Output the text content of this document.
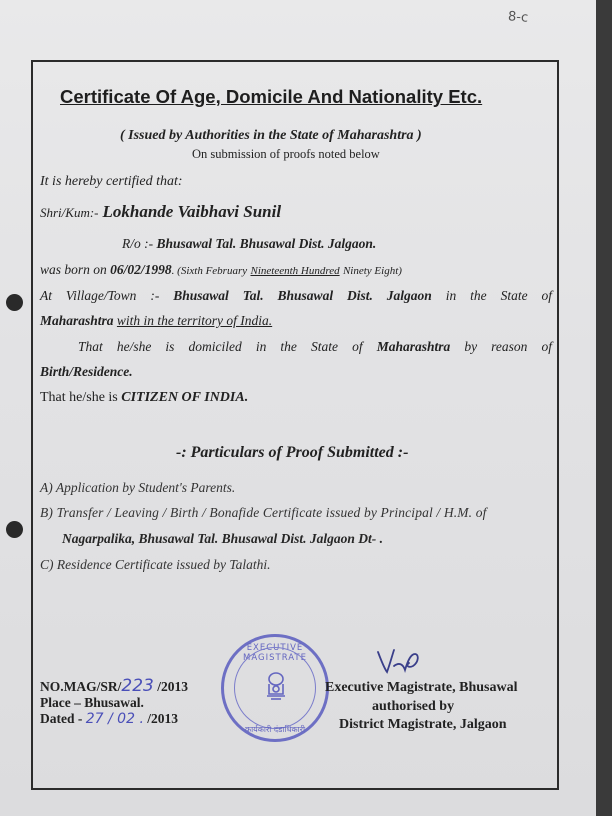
8-c
Certificate Of Age, Domicile And Nationality Etc.
( Issued by Authorities in the State of Maharashtra )
On submission of proofs noted below
It is hereby certified that:
Shri/Kum:- Lokhande Vaibhavi Sunil
R/o :- Bhusawal Tal. Bhusawal Dist. Jalgaon.
was born on 06/02/1998. (Sixth February Nineteenth Hundred Ninety Eight)
At Village/Town :- Bhusawal Tal. Bhusawal Dist. Jalgaon in the State of
Maharashtra with in the territory of India.
That he/she is domiciled in the State of Maharashtra by reason of
Birth/Residence.
That he/she is CITIZEN OF INDIA.
-: Particulars of Proof Submitted :-
A) Application by Student's Parents.
B) Transfer / Leaving / Birth / Bonafide Certificate issued by Principal / H.M. of
Nagarpalika, Bhusawal Tal. Bhusawal Dist. Jalgaon Dt- .
C) Residence Certificate issued by Talathi.
NO.MAG/SR/223 /2013
Place – Bhusawal.
Dated - 27 / 02 . /2013
EXECUTIVE MAGISTRATE
कार्यकारी दंडाधिकारी
Executive Magistrate, Bhusawal
authorised by
District Magistrate, Jalgaon
